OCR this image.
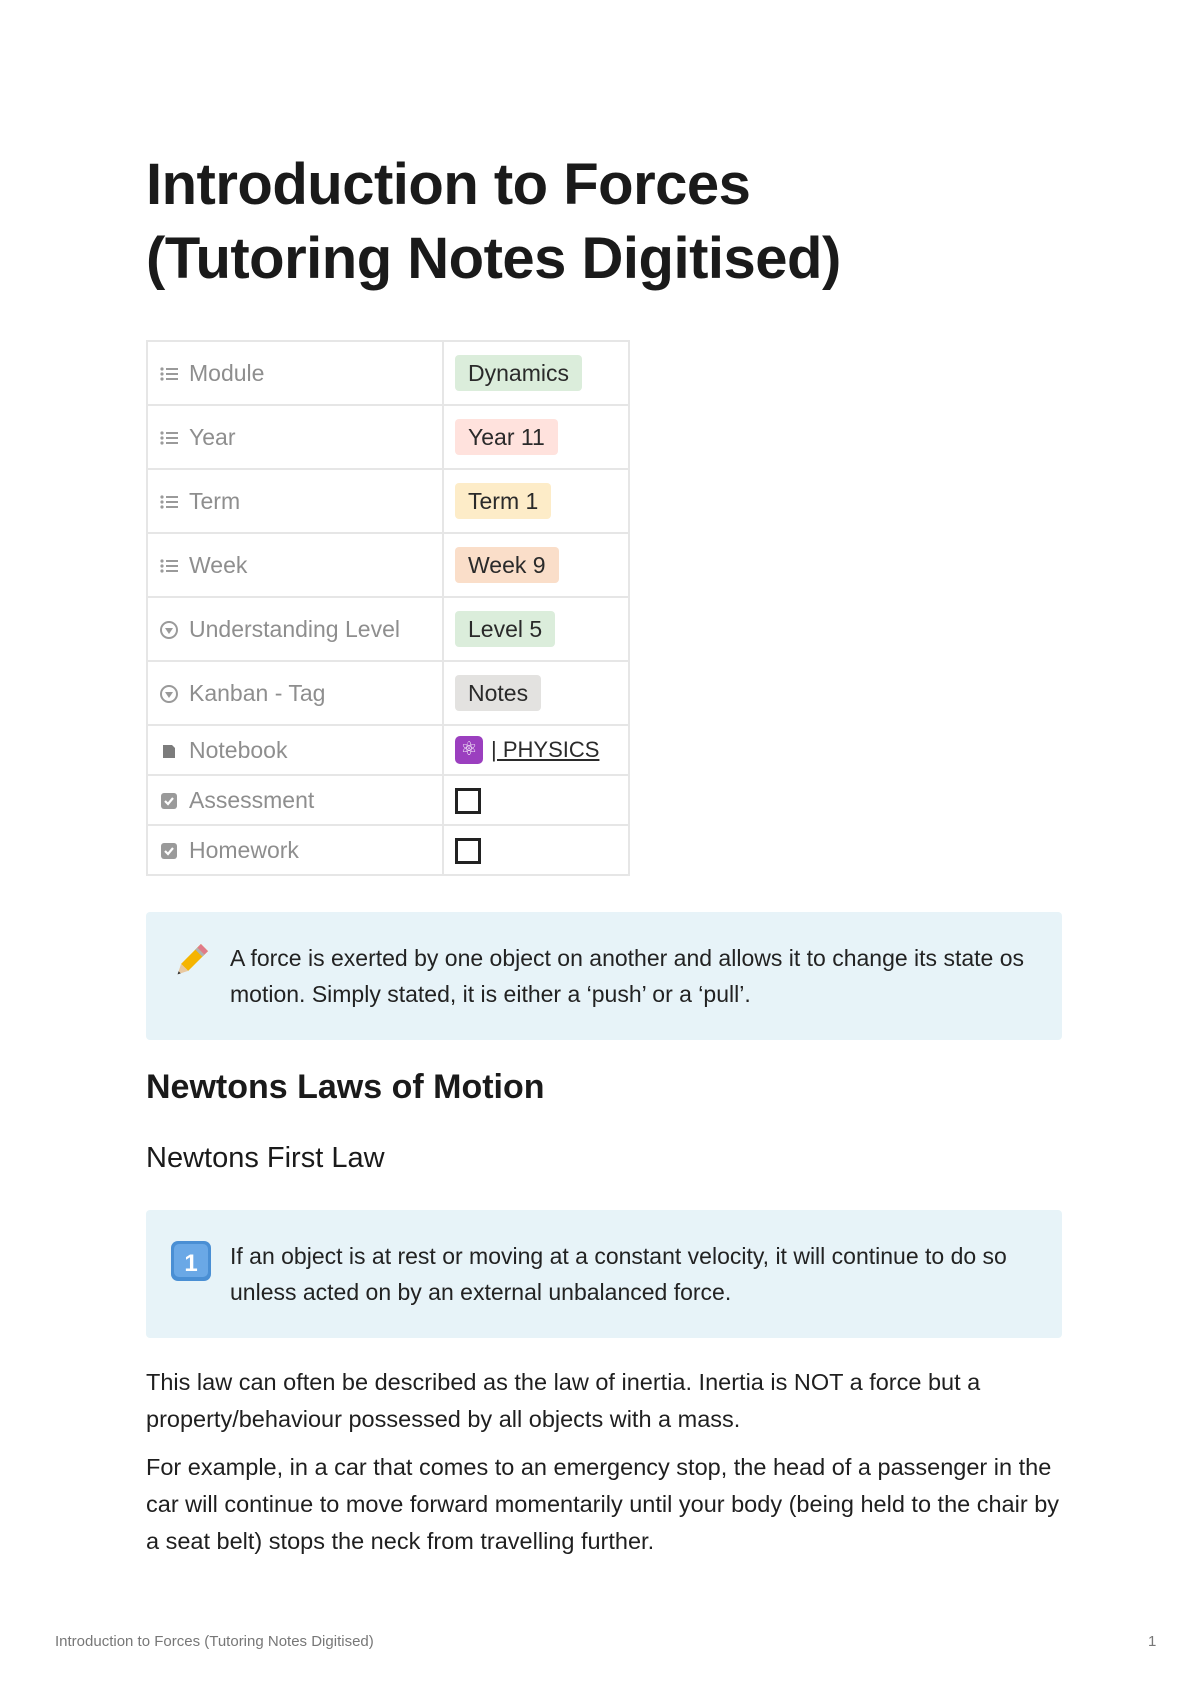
Introduction to Forces
(Tutoring Notes Digitised)
Module	Dynamics
Year	Year 11
Term	Term 1
Week	Week 9
Understanding Level	Level 5
Kanban - Tag	Notes
Notebook	⚛ | PHYSICS
Assessment	
Homework	
A force is exerted by one object on another and allows it to change its state os motion. Simply stated, it is either a ‘push’ or a ‘pull’.
Newtons Laws of Motion
Newtons First Law
1 If an object is at rest or moving at a constant velocity, it will continue to do so unless acted on by an external unbalanced force.

This law can often be described as the law of inertia. Inertia is NOT a force but a property/behaviour possessed by all objects with a mass.

For example, in a car that comes to an emergency stop, the head of a passenger in the car will continue to move forward momentarily until your body (being held to the chair by a seat belt) stops the neck from travelling further.

Introduction to Forces (Tutoring Notes Digitised)	1
